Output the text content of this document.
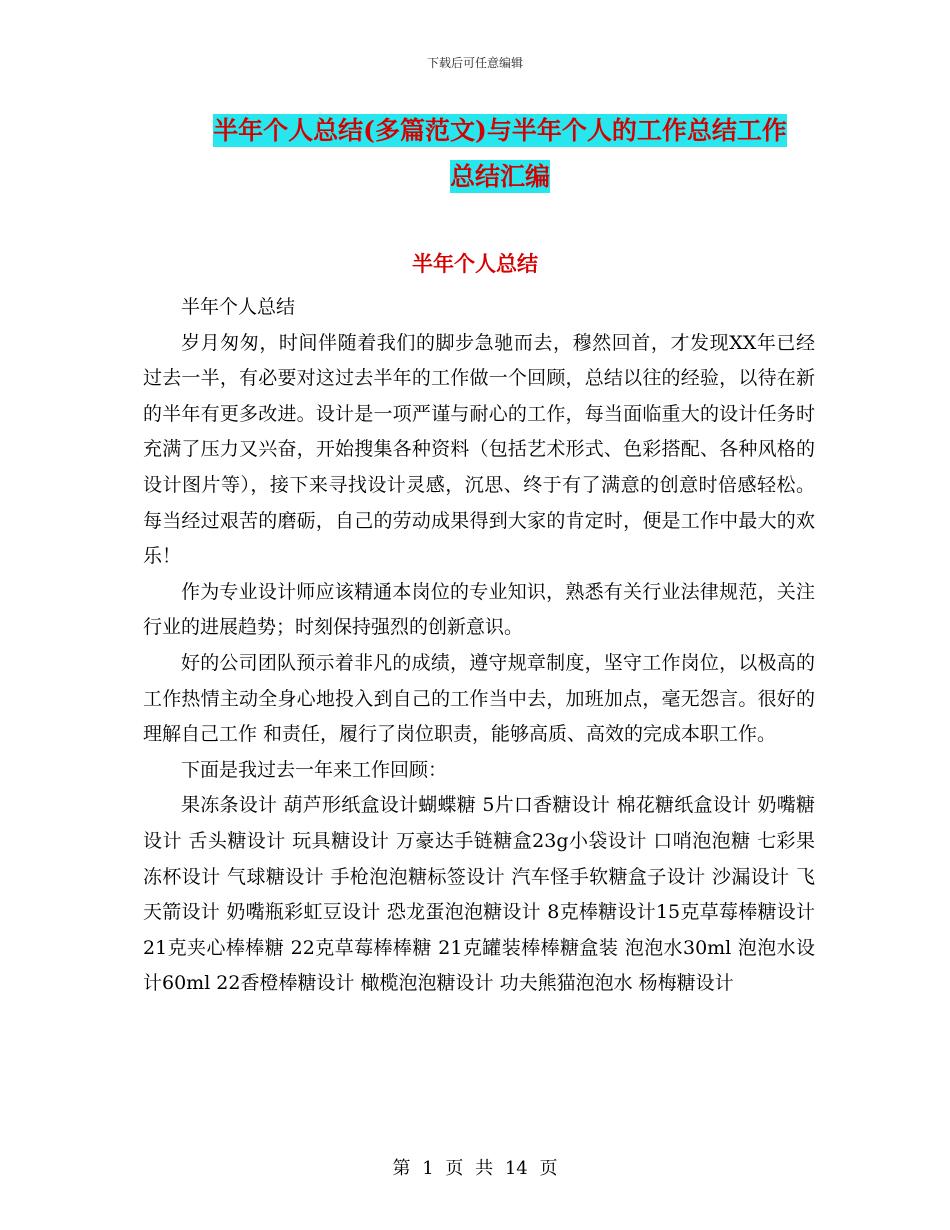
下载后可任意编辑
半年个人总结(多篇范文)与半年个人的工作总结工作
总结汇编
半年个人总结

半年个人总结

岁月匆匆，时间伴随着我们的脚步急驰而去，穆然回首，才发现XX年已经过去一半，有必要对这过去半年的工作做一个回顾，总结以往的经验，以待在新的半年有更多改进。设计是一项严谨与耐心的工作，每当面临重大的设计任务时充满了压力又兴奋，开始搜集各种资料（包括艺术形式、色彩搭配、各种风格的设计图片等），接下来寻找设计灵感，沉思、终于有了满意的创意时倍感轻松。每当经过艰苦的磨砺，自己的劳动成果得到大家的肯定时，便是工作中最大的欢乐！

作为专业设计师应该精通本岗位的专业知识，熟悉有关行业法律规范，关注行业的进展趋势；时刻保持强烈的创新意识。

好的公司团队预示着非凡的成绩，遵守规章制度，坚守工作岗位，以极高的工作热情主动全身心地投入到自己的工作当中去，加班加点，毫无怨言。很好的理解自己工作 和责任，履行了岗位职责，能够高质、高效的完成本职工作。

下面是我过去一年来工作回顾：

果冻条设计 葫芦形纸盒设计蝴蝶糖 5片口香糖设计 棉花糖纸盒设计 奶嘴糖设计 舌头糖设计 玩具糖设计 万豪达手链糖盒23g小袋设计 口哨泡泡糖 七彩果冻杯设计 气球糖设计 手枪泡泡糖标签设计 汽车怪手软糖盒子设计 沙漏设计 飞天箭设计 奶嘴瓶彩虹豆设计 恐龙蛋泡泡糖设计 8克棒糖设计15克草莓棒糖设计 21克夹心棒棒糖 22克草莓棒棒糖 21克罐装棒棒糖盒装 泡泡水30ml 泡泡水设计60ml 22香橙棒糖设计 橄榄泡泡糖设计 功夫熊猫泡泡水 杨梅糖设计

第 1 页 共 14 页
